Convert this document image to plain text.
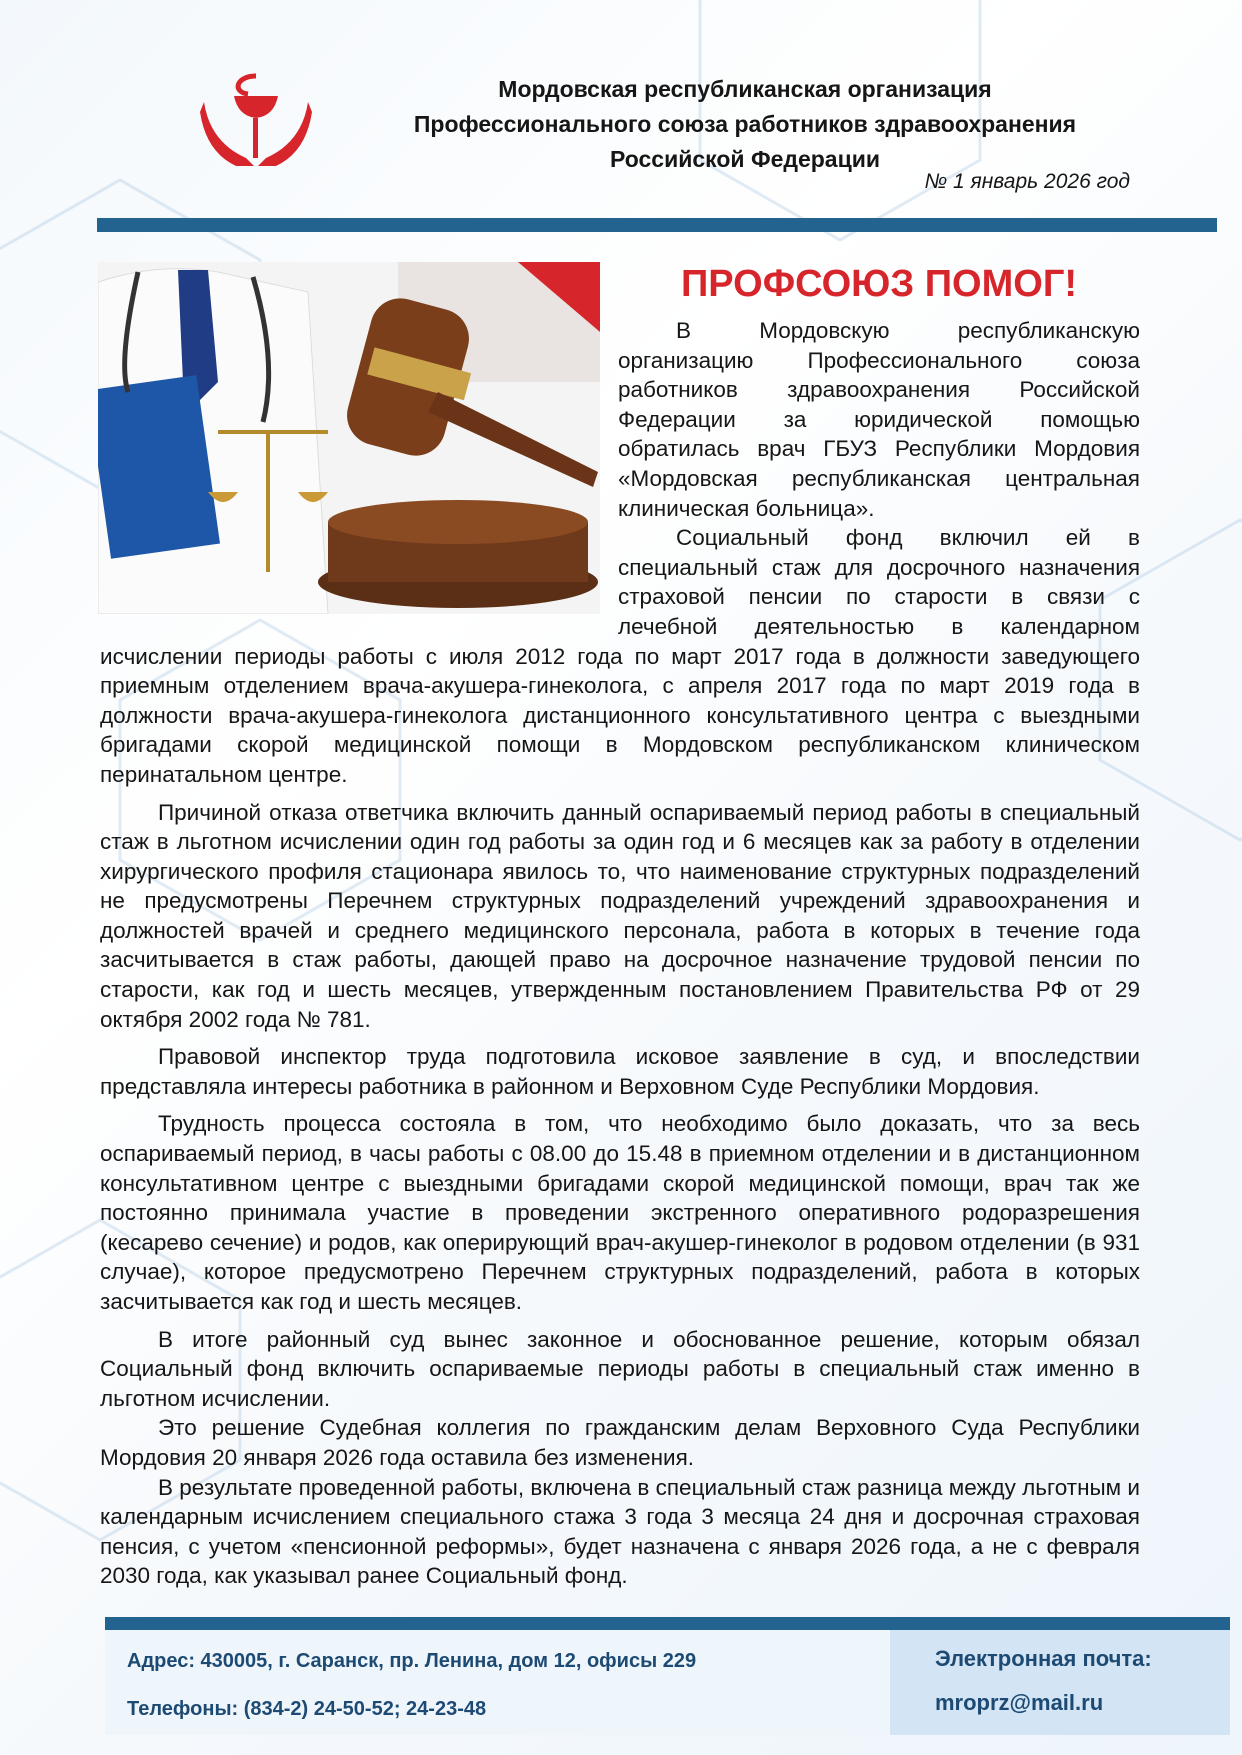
Мордовская республиканская организация
Профессионального союза работников здравоохранения
Российской Федерации
№ 1 январь 2026 год
ПРОФСОЮЗ ПОМОГ!

В Мордовскую республиканскую организацию Профессионального союза работников здравоохранения Российской Федерации за юридической помощью обратилась врач ГБУЗ Республики Мордовия «Мордовская республиканская центральная клиническая больница».

Социальный фонд включил ей в специальный стаж для досрочного назначения страховой пенсии по старости в связи с лечебной деятельностью в календарном исчислении периоды работы с июля 2012 года по март 2017 года в должности заведующего приемным отделением врача-акушера-гинеколога, с апреля 2017 года по март 2019 года в должности врача-акушера-гинеколога дистанционного консультативного центра с выездными бригадами скорой медицинской помощи в Мордовском республиканском клиническом перинатальном центре.

Причиной отказа ответчика включить данный оспариваемый период работы в специальный стаж в льготном исчислении один год работы за один год и 6 месяцев как за работу в отделении хирургического профиля стационара явилось то, что наименование структурных подразделений не предусмотрены Перечнем структурных подразделений учреждений здравоохранения и должностей врачей и среднего медицинского персонала, работа в которых в течение года засчитывается в стаж работы, дающей право на досрочное назначение трудовой пенсии по старости, как год и шесть месяцев, утвержденным постановлением Правительства РФ от 29 октября 2002 года № 781.

Правовой инспектор труда подготовила исковое заявление в суд, и впоследствии представляла интересы работника в районном и Верховном Суде Республики Мордовия.

Трудность процесса состояла в том, что необходимо было доказать, что за весь оспариваемый период, в часы работы с 08.00 до 15.48 в приемном отделении и в дистанционном консультативном центре с выездными бригадами скорой медицинской помощи, врач так же постоянно принимала участие в проведении экстренного оперативного родоразрешения (кесарево сечение) и родов, как оперирующий врач-акушер-гинеколог в родовом отделении (в 931 случае), которое предусмотрено Перечнем структурных подразделений, работа в которых засчитывается как год и шесть месяцев.

В итоге районный суд вынес законное и обоснованное решение, которым обязал Социальный фонд включить оспариваемые периоды работы в специальный стаж именно в льготном исчислении.

Это решение Судебная коллегия по гражданским делам Верховного Суда Республики Мордовия 20 января 2026 года оставила без изменения.

В результате проведенной работы, включена в специальный стаж разница между льготным и календарным исчислением специального стажа 3 года 3 месяца 24 дня и досрочная страховая пенсия, с учетом «пенсионной реформы», будет назначена с января 2026 года, а не с февраля 2030 года, как указывал ранее Социальный фонд.

Адрес: 430005, г. Саранск, пр. Ленина, дом 12, офисы 229
Телефоны: (834-2) 24-50-52; 24-23-48
Электронная почта:
mroprz@mail.ru
